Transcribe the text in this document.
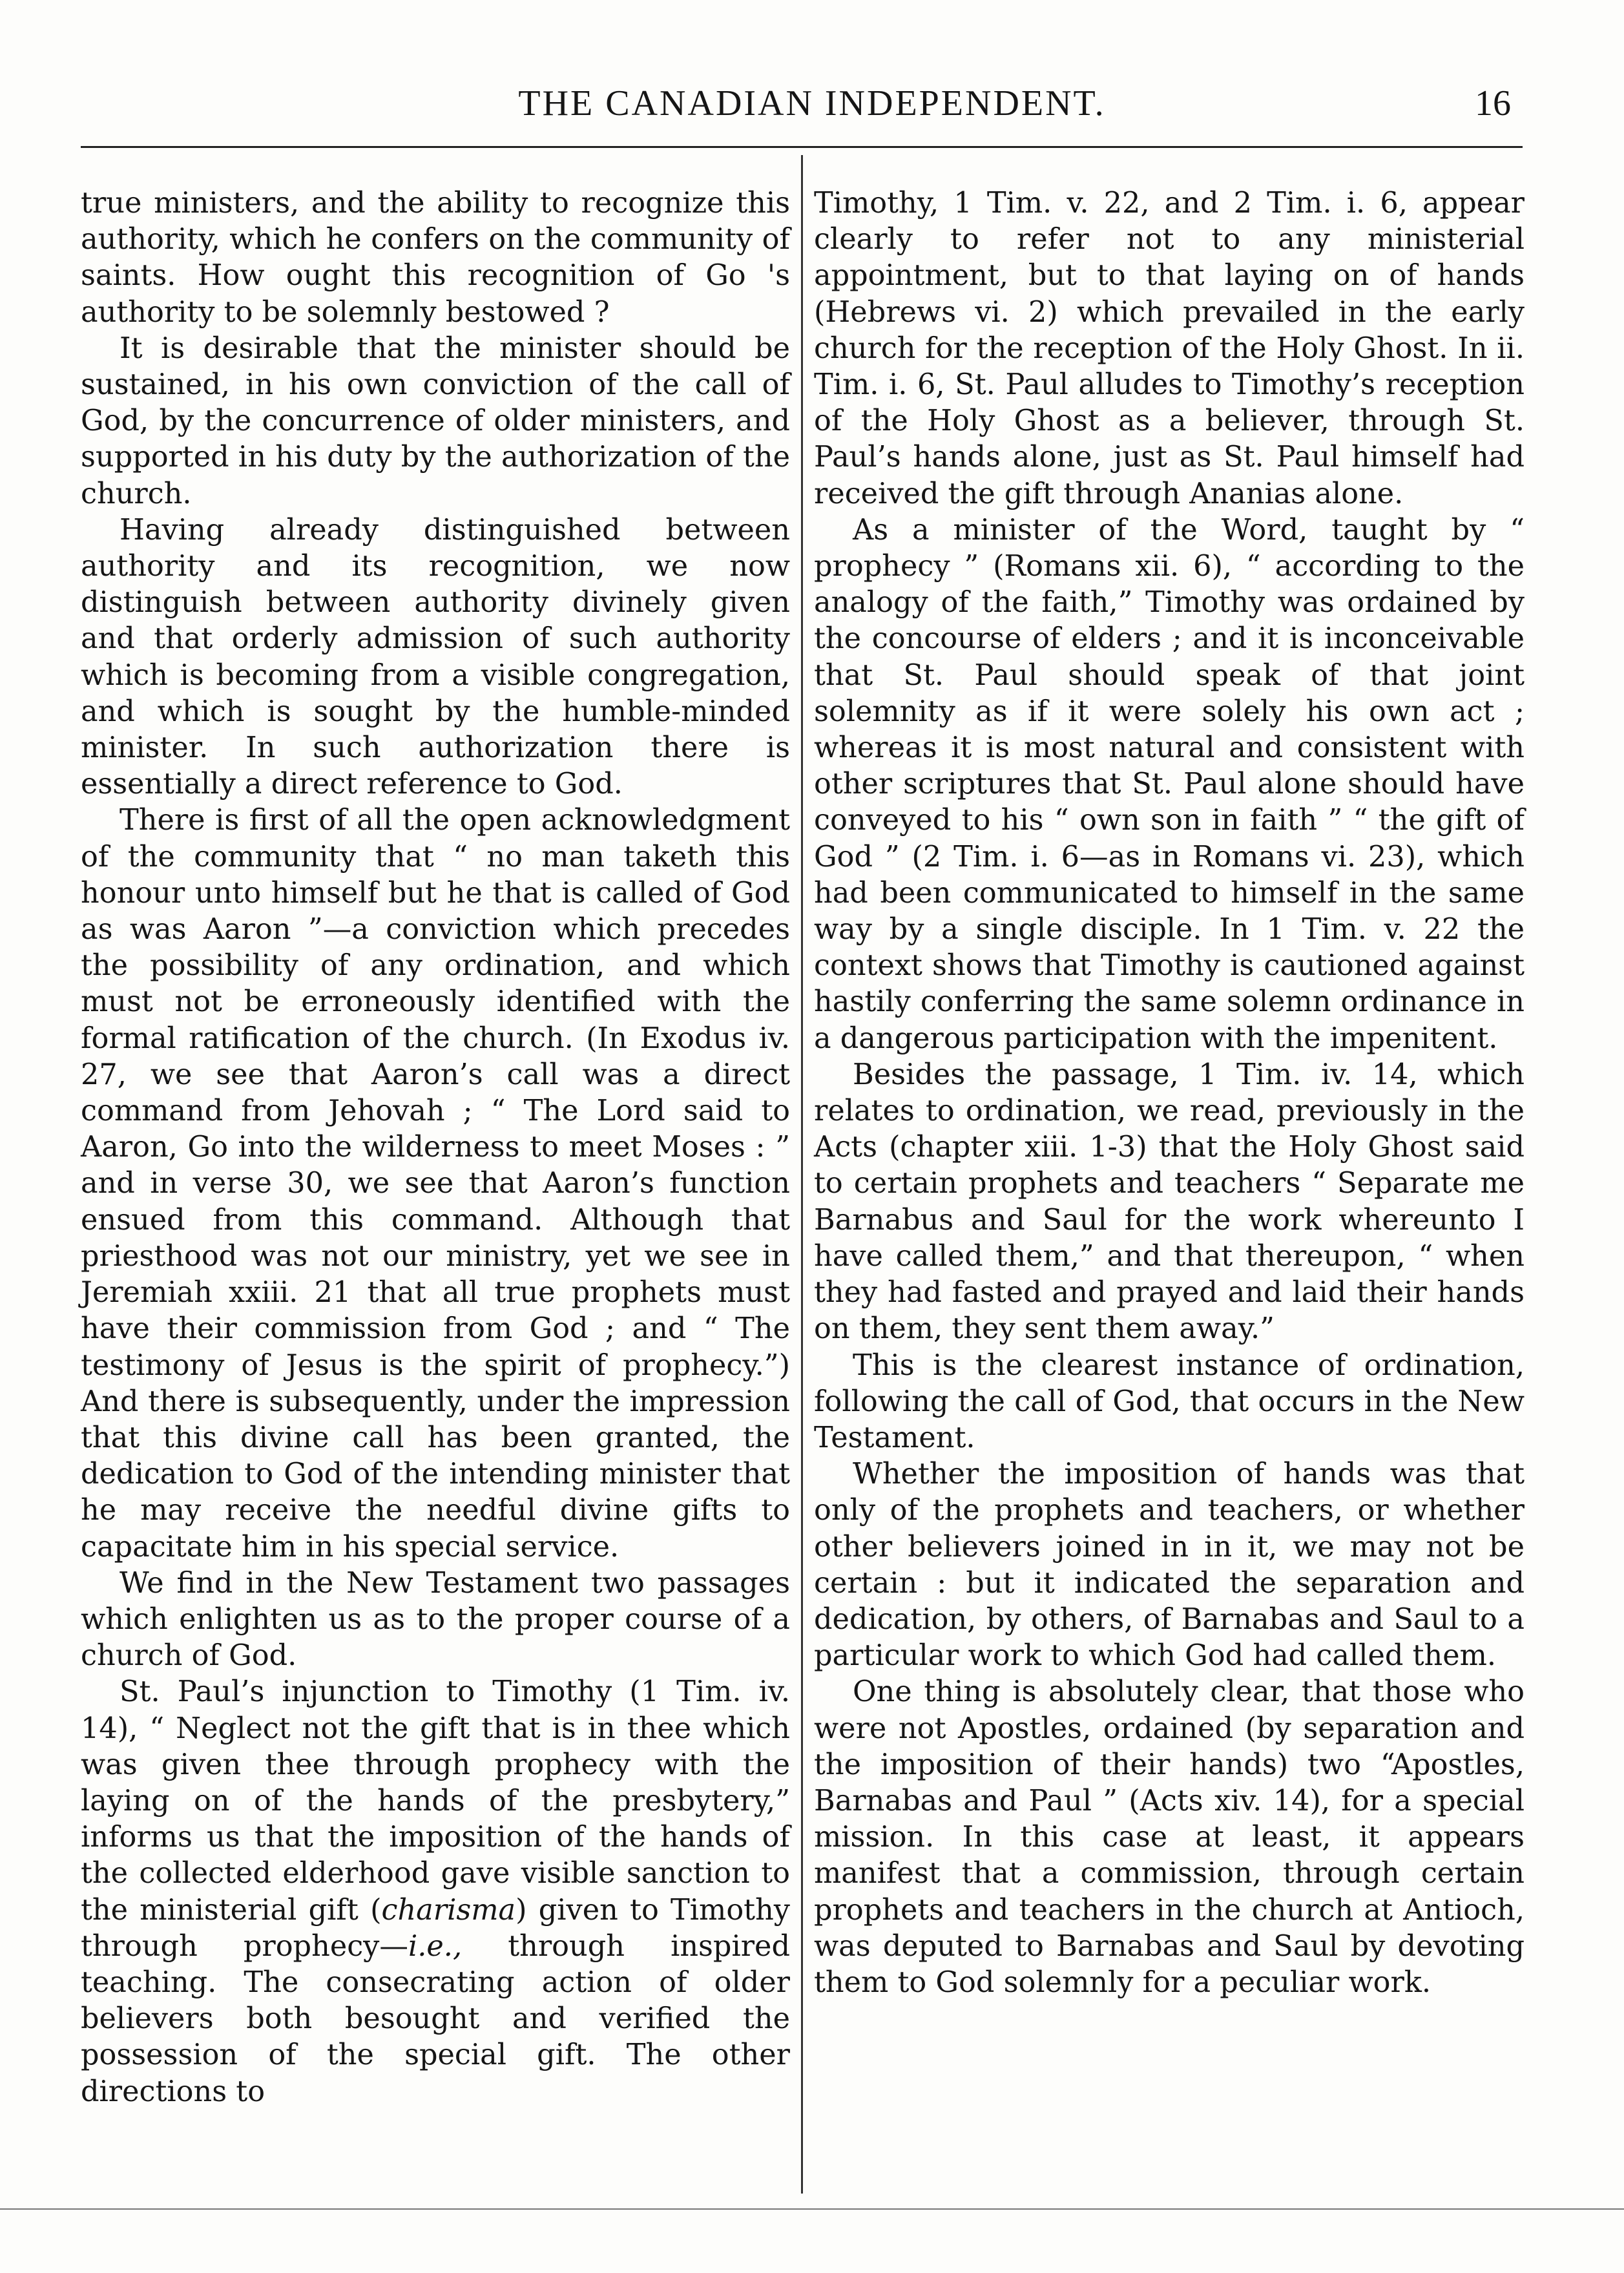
THE CANADIAN INDEPENDENT.	16

true ministers, and the ability to recognize this authority, which he confers on the community of saints. How ought this recognition of Go 's authority to be solemnly bestowed ?

It is desirable that the minister should be sustained, in his own conviction of the call of God, by the concurrence of older ministers, and supported in his duty by the authorization of the church.

Having already distinguished between authority and its recognition, we now distinguish between authority divinely given and that orderly admission of such authority which is becoming from a visible congregation, and which is sought by the humble-minded minister. In such authorization there is essentially a direct reference to God.

There is first of all the open acknowledgment of the community that “ no man taketh this honour unto himself but he that is called of God as was Aaron ”—a conviction which precedes the possibility of any ordination, and which must not be erroneously identified with the formal ratification of the church. (In Exodus iv. 27, we see that Aaron’s call was a direct command from Jehovah ; “ The Lord said to Aaron, Go into the wilderness to meet Moses : ” and in verse 30, we see that Aaron’s function ensued from this command. Although that priesthood was not our ministry, yet we see in Jeremiah xxiii. 21 that all true prophets must have their commission from God ; and “ The testimony of Jesus is the spirit of prophecy.”) And there is subsequently, under the impression that this divine call has been granted, the dedication to God of the intending minister that he may receive the needful divine gifts to capacitate him in his special service.

We find in the New Testament two passages which enlighten us as to the proper course of a church of God.

St. Paul’s injunction to Timothy (1 Tim. iv. 14), “ Neglect not the gift that is in thee which was given thee through prophecy with the laying on of the hands of the presbytery,” informs us that the imposition of the hands of the collected elderhood gave visible sanction to the ministerial gift (charisma) given to Timothy through prophecy—i.e., through inspired teaching. The consecrating action of older believers both besought and verified the possession of the special gift. The other directions to

Timothy, 1 Tim. v. 22, and 2 Tim. i. 6, appear clearly to refer not to any ministerial appointment, but to that laying on of hands (Hebrews vi. 2) which prevailed in the early church for the reception of the Holy Ghost. In ii. Tim. i. 6, St. Paul alludes to Timothy’s reception of the Holy Ghost as a believer, through St. Paul’s hands alone, just as St. Paul himself had received the gift through Ananias alone.

As a minister of the Word, taught by “ prophecy ” (Romans xii. 6), “ according to the analogy of the faith,” Timothy was ordained by the concourse of elders ; and it is inconceivable that St. Paul should speak of that joint solemnity as if it were solely his own act ; whereas it is most natural and consistent with other scriptures that St. Paul alone should have conveyed to his “ own son in faith ” “ the gift of God ” (2 Tim. i. 6—as in Romans vi. 23), which had been communicated to himself in the same way by a single disciple. In 1 Tim. v. 22 the context shows that Timothy is cautioned against hastily conferring the same solemn ordinance in a dangerous participation with the impenitent.

Besides the passage, 1 Tim. iv. 14, which relates to ordination, we read, previously in the Acts (chapter xiii. 1-3) that the Holy Ghost said to certain prophets and teachers “ Separate me Barnabus and Saul for the work whereunto I have called them,” and that thereupon, “ when they had fasted and prayed and laid their hands on them, they sent them away.”

This is the clearest instance of ordination, following the call of God, that occurs in the New Testament.

Whether the imposition of hands was that only of the prophets and teachers, or whether other believers joined in in it, we may not be certain : but it indicated the separation and dedication, by others, of Barnabas and Saul to a particular work to which God had called them.

One thing is absolutely clear, that those who were not Apostles, ordained (by separation and the imposition of their hands) two “Apostles, Barnabas and Paul ” (Acts xiv. 14), for a special mission. In this case at least, it appears manifest that a commission, through certain prophets and teachers in the church at Antioch, was deputed to Barnabas and Saul by devoting them to God solemnly for a peculiar work.
